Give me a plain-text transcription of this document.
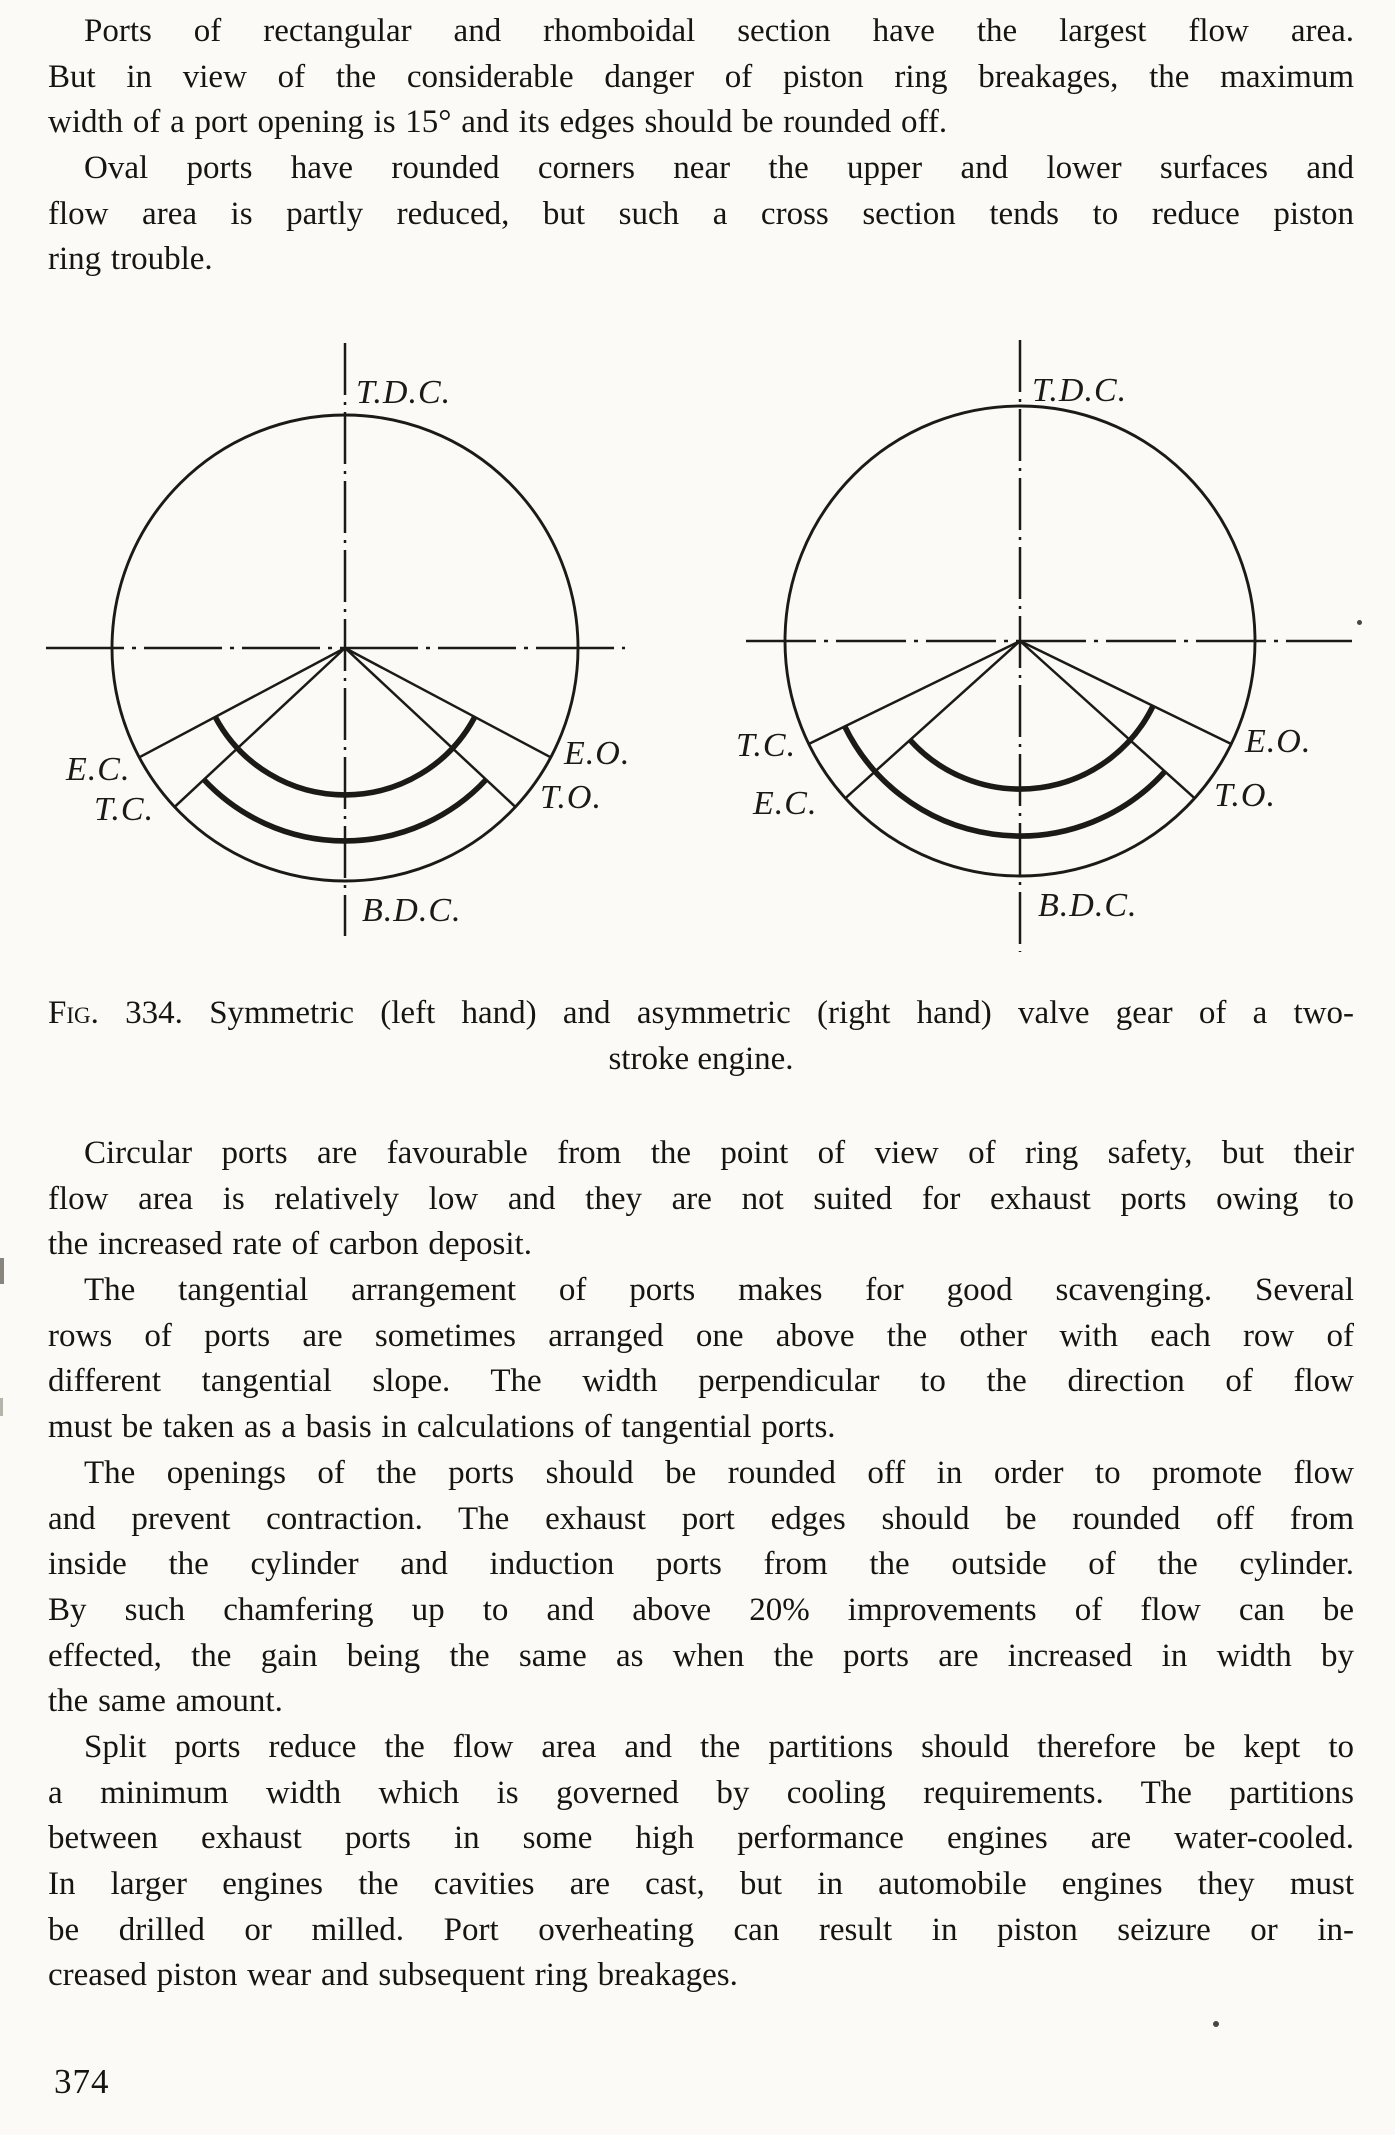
Ports of rectangular and rhomboidal section have the largest flow area.
But in view of the considerable danger of piston ring breakages, the maximum
width of a port opening is 15° and its edges should be rounded off.
Oval ports have rounded corners near the upper and lower surfaces and
flow area is partly reduced, but such a cross section tends to reduce piston
ring trouble.
T.D.C.
B.D.C.
E.C.
T.C.
E.O.
T.O.
T.D.C.
B.D.C.
T.C.
E.C.
E.O.
T.O.
Fig. 334. Symmetric (left hand) and asymmetric (right hand) valve gear of a two-
stroke engine.
Circular ports are favourable from the point of view of ring safety, but their
flow area is relatively low and they are not suited for exhaust ports owing to
the increased rate of carbon deposit.
The tangential arrangement of ports makes for good scavenging. Several
rows of ports are sometimes arranged one above the other with each row of
different tangential slope. The width perpendicular to the direction of flow
must be taken as a basis in calculations of tangential ports.
The openings of the ports should be rounded off in order to promote flow
and prevent contraction. The exhaust port edges should be rounded off from
inside the cylinder and induction ports from the outside of the cylinder.
By such chamfering up to and above 20% improvements of flow can be
effected, the gain being the same as when the ports are increased in width by
the same amount.
Split ports reduce the flow area and the partitions should therefore be kept to
a minimum width which is governed by cooling requirements. The partitions
between exhaust ports in some high performance engines are water-cooled.
In larger engines the cavities are cast, but in automobile engines they must
be drilled or milled. Port overheating can result in piston seizure or in-
creased piston wear and subsequent ring breakages.
374
